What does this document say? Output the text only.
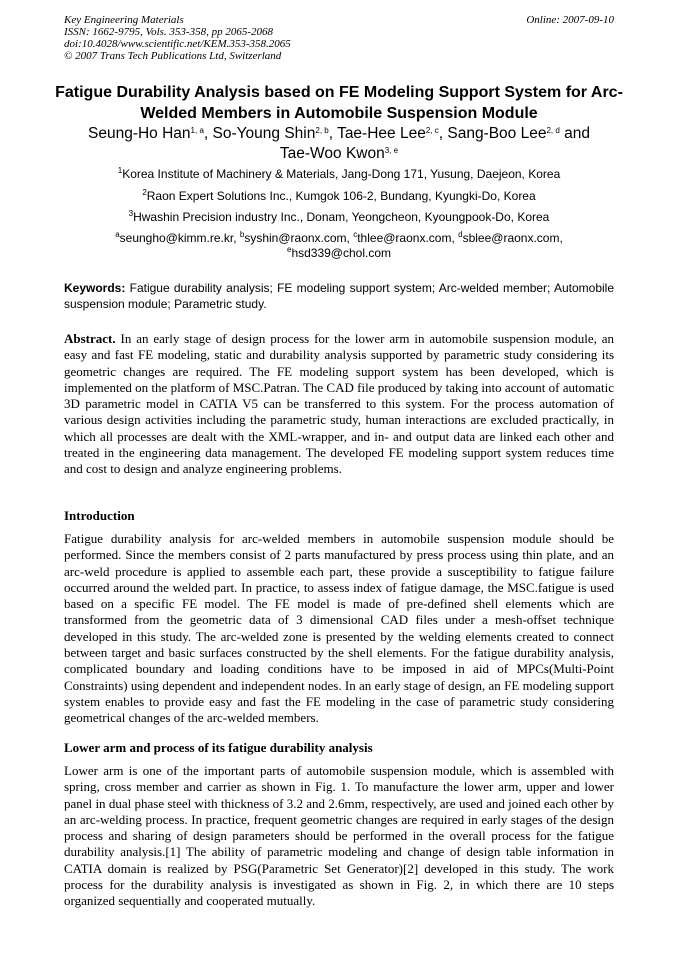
Key Engineering Materials
ISSN: 1662-9795, Vols. 353-358, pp 2065-2068
doi:10.4028/www.scientific.net/KEM.353-358.2065
© 2007 Trans Tech Publications Ltd, Switzerland
Online: 2007-09-10
Fatigue Durability Analysis based on FE Modeling Support System for Arc-Welded Members in Automobile Suspension Module
Seung-Ho Han$^{1, a}$, So-Young Shin$^{2, b}$, Tae-Hee Lee$^{2, c}$, Sang-Boo Lee$^{2, d}$ and
Tae-Woo Kwon$^{3, e}$
$^1$Korea Institute of Machinery & Materials, Jang-Dong 171, Yusung, Daejeon, Korea
$^2$Raon Expert Solutions Inc., Kumgok 106-2, Bundang, Kyungki-Do, Korea
$^3$Hwashin Precision industry Inc., Donam, Yeongcheon, Kyoungpook-Do, Korea
$^a$seungho@kimm.re.kr, $^b$syshin@raonx.com, $^c$thlee@raonx.com, $^d$sblee@raonx.com,
$^e$hsd339@chol.com
Keywords: Fatigue durability analysis; FE modeling support system; Arc-welded member; Automobile suspension module; Parametric study.
Abstract. In an early stage of design process for the lower arm in automobile suspension module, an easy and fast FE modeling, static and durability analysis supported by parametric study considering its geometric changes are required. The FE modeling support system has been developed, which is implemented on the platform of MSC.Patran. The CAD file produced by taking into account of automatic 3D parametric model in CATIA V5 can be transferred to this system. For the process automation of various design activities including the parametric study, human interactions are excluded practically, in which all processes are dealt with the XML-wrapper, and in- and output data are linked each other and treated in the engineering data management. The developed FE modeling support system reduces time and cost to design and analyze engineering problems.
Introduction
Fatigue durability analysis for arc-welded members in automobile suspension module should be performed. Since the members consist of 2 parts manufactured by press process using thin plate, and an arc-weld procedure is applied to assemble each part, these provide a susceptibility to fatigue failure occurred around the welded part. In practice, to assess index of fatigue damage, the MSC.fatigue is used based on a specific FE model. The FE model is made of pre-defined shell elements which are transformed from the geometric data of 3 dimensional CAD files under a mesh-offset technique developed in this study. The arc-welded zone is presented by the welding elements created to connect between target and basic surfaces constructed by the shell elements. For the fatigue durability analysis, complicated boundary and loading conditions have to be imposed in aid of MPCs(Multi-Point Constraints) using dependent and independent nodes. In an early stage of design, an FE modeling support system enables to provide easy and fast the FE modeling in the case of parametric study considering geometrical changes of the arc-welded members.
Lower arm and process of its fatigue durability analysis
Lower arm is one of the important parts of automobile suspension module, which is assembled with spring, cross member and carrier as shown in Fig. 1. To manufacture the lower arm, upper and lower panel in dual phase steel with thickness of 3.2 and 2.6mm, respectively, are used and joined each other by an arc-welding process. In practice, frequent geometric changes are required in early stages of the design process and sharing of design parameters should be performed in the overall process for the fatigue durability analysis.[1] The ability of parametric modeling and change of design table information in CATIA domain is realized by PSG(Parametric Set Generator)[2] developed in this study. The work process for the durability analysis is investigated as shown in Fig. 2, in which there are 10 steps organized sequentially and cooperated mutually.
